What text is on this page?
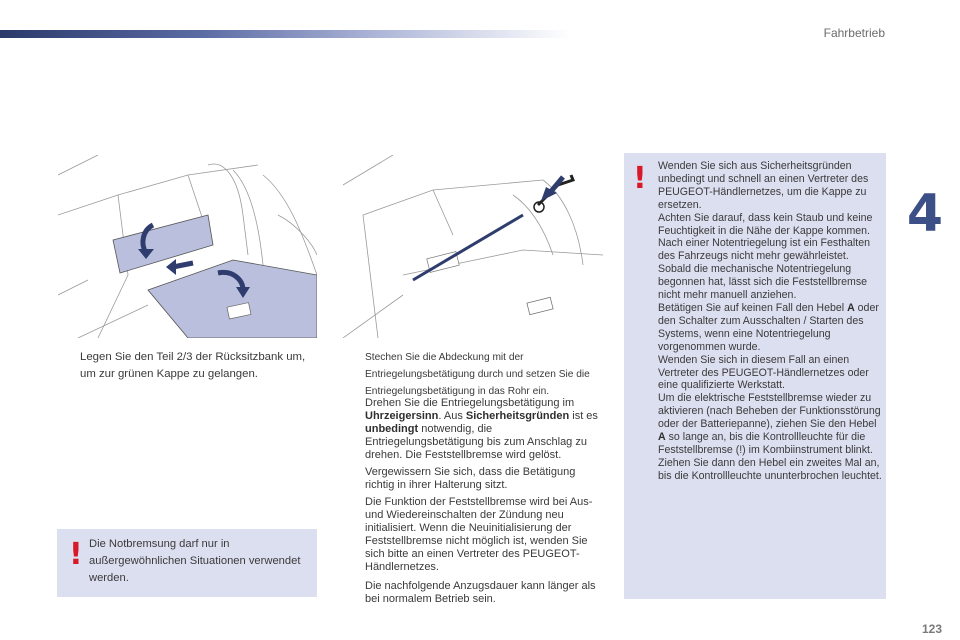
Fahrbetrieb
4
Legen Sie den Teil 2/3 der Rücksitzbank um, um zur grünen Kappe zu gelangen.
! Die Notbremsung darf nur in außergewöhnlichen Situationen verwendet werden.
Stechen Sie die Abdeckung mit der Entriegelungsbetätigung durch und setzen Sie die Entriegelungsbetätigung in das Rohr ein.
Drehen Sie die Entriegelungsbetätigung im Uhrzeigersinn. Aus Sicherheitsgründen ist es unbedingt notwendig, die Entriegelungsbetätigung bis zum Anschlag zu drehen. Die Feststellbremse wird gelöst.
Vergewissern Sie sich, dass die Betätigung richtig in ihrer Halterung sitzt.
Die Funktion der Feststellbremse wird bei Aus- und Wiedereinschalten der Zündung neu initialisiert. Wenn die Neuinitialisierung der Feststellbremse nicht möglich ist, wenden Sie sich bitte an einen Vertreter des PEUGEOT-Händlernetzes.
Die nachfolgende Anzugsdauer kann länger als bei normalem Betrieb sein.
! Wenden Sie sich aus Sicherheitsgründen unbedingt und schnell an einen Vertreter des PEUGEOT-Händlernetzes, um die Kappe zu ersetzen.
Achten Sie darauf, dass kein Staub und keine Feuchtigkeit in die Nähe der Kappe kommen.
Nach einer Notentriegelung ist ein Festhalten des Fahrzeugs nicht mehr gewährleistet. Sobald die mechanische Notentriegelung begonnen hat, lässt sich die Feststellbremse nicht mehr manuell anziehen.
Betätigen Sie auf keinen Fall den Hebel A oder den Schalter zum Ausschalten / Starten des Systems, wenn eine Notentriegelung vorgenommen wurde.
Wenden Sie sich in diesem Fall an einen Vertreter des PEUGEOT-Händlernetzes oder eine qualifizierte Werkstatt.
Um die elektrische Feststellbremse wieder zu aktivieren (nach Beheben der Funktionsstörung oder der Batteriepanne), ziehen Sie den Hebel
A so lange an, bis die Kontrollleuchte für die Feststellbremse (!) im Kombiinstrument blinkt. Ziehen Sie dann den Hebel ein zweites Mal an, bis die Kontrollleuchte ununterbrochen leuchtet.
123
